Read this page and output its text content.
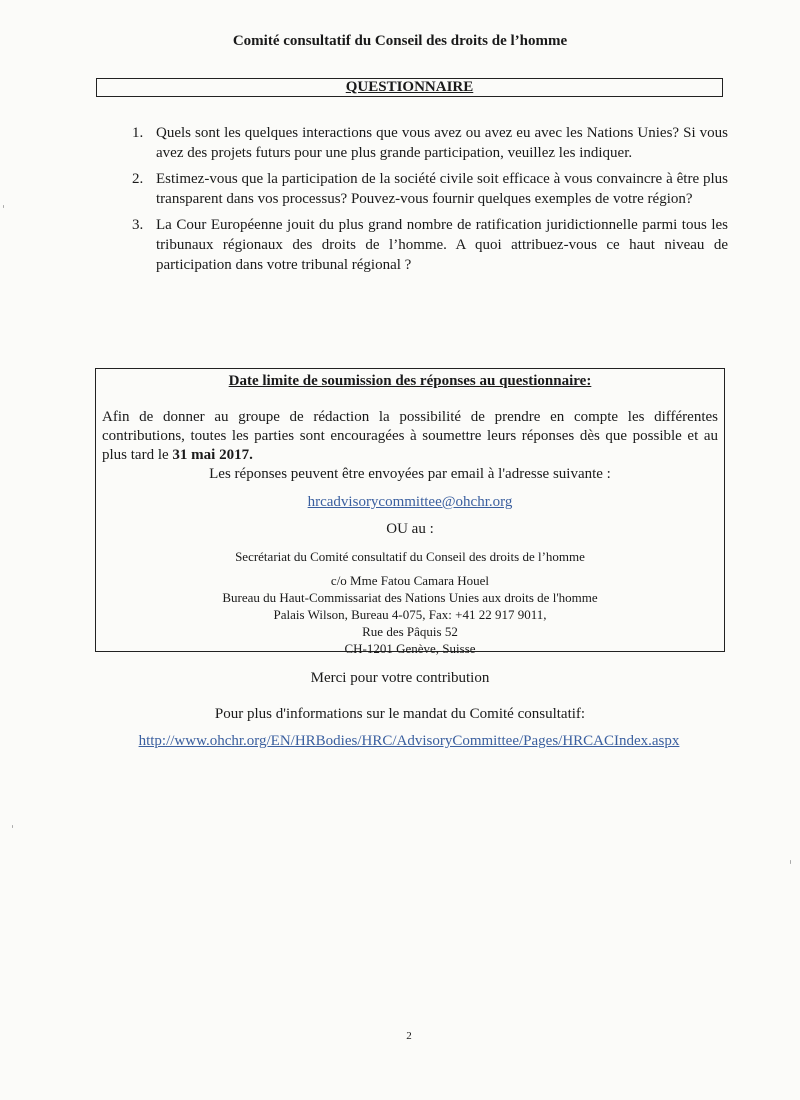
Comité consultatif du Conseil des droits de l’homme
QUESTIONNAIRE
1. Quels sont les quelques interactions que vous avez ou avez eu avec les Nations Unies? Si vous avez des projets futurs pour une plus grande participation, veuillez les indiquer.
2. Estimez-vous que la participation de la société civile soit efficace à vous convaincre à être plus transparent dans vos processus? Pouvez-vous fournir quelques exemples de votre région?
3. La Cour Européenne jouit du plus grand nombre de ratification juridictionnelle parmi tous les tribunaux régionaux des droits de l’homme. A quoi attribuez-vous ce haut niveau de participation dans votre tribunal régional ?
Date limite de soumission des réponses au questionnaire:
Afin de donner au groupe de rédaction la possibilité de prendre en compte les différentes contributions, toutes les parties sont encouragées à soumettre leurs réponses dès que possible et au plus tard le 31 mai 2017.
Les réponses peuvent être envoyées par email à l'adresse suivante :
hrcadvisorycommittee@ohchr.org
OU au :
Secrétariat du Comité consultatif du Conseil des droits de l’homme
c/o Mme Fatou Camara Houel
Bureau du Haut-Commissariat des Nations Unies aux droits de l'homme
Palais Wilson, Bureau 4-075, Fax: +41 22 917 9011,
Rue des Pâquis 52
CH-1201 Genève, Suisse
Merci pour votre contribution
Pour plus d'informations sur le mandat du Comité consultatif:
http://www.ohchr.org/EN/HRBodies/HRC/AdvisoryCommittee/Pages/HRCACIndex.aspx
2
